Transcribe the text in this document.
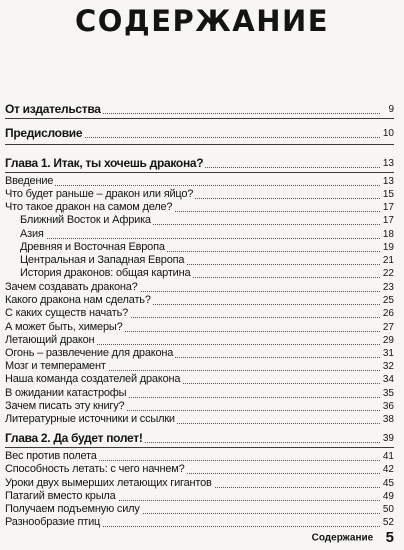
СОДЕРЖАНИЕ
От издательства	9
Предисловие	10
Глава 1. Итак, ты хочешь дракона?	13
Введение	13
Что будет раньше – дракон или яйцо?	15
Что такое дракон на самом деле?	17
Ближний Восток и Африка	17
Азия	18
Древняя и Восточная Европа	19
Центральная и Западная Европа	21
История драконов: общая картина	22
Зачем создавать дракона?	23
Какого дракона нам сделать?	25
С каких существ начать?	26
А может быть, химеры?	27
Летающий дракон	29
Огонь – развлечение для дракона	31
Мозг и темперамент	32
Наша команда создателей дракона	34
В ожидании катастрофы	35
Зачем писать эту книгу?	36
Литературные источники и ссылки	38
Глава 2. Да будет полет!	39
Вес против полета	41
Способность летать: с чего начнем?	42
Уроки двух вымерших летающих гигантов	45
Патагий вместо крыла	49
Получаем подъемную силу	50
Разнообразие птиц	52
Содержание 5
